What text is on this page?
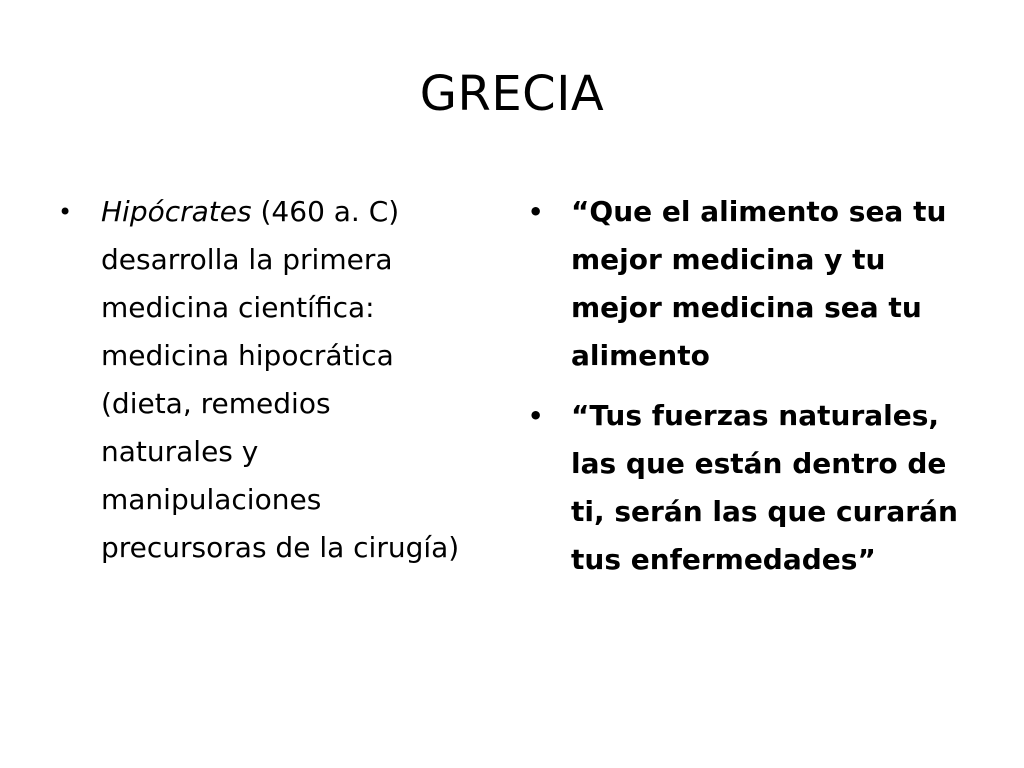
GRECIA
• Hipócrates (460 a. C) desarrolla la primera medicina científica: medicina hipocrática (dieta, remedios naturales y manipulaciones precursoras de la cirugía)
• “Que el alimento sea tu mejor medicina y tu mejor medicina sea tu alimento
• “Tus fuerzas naturales, las que están dentro de ti, serán las que curarán tus enfermedades”
